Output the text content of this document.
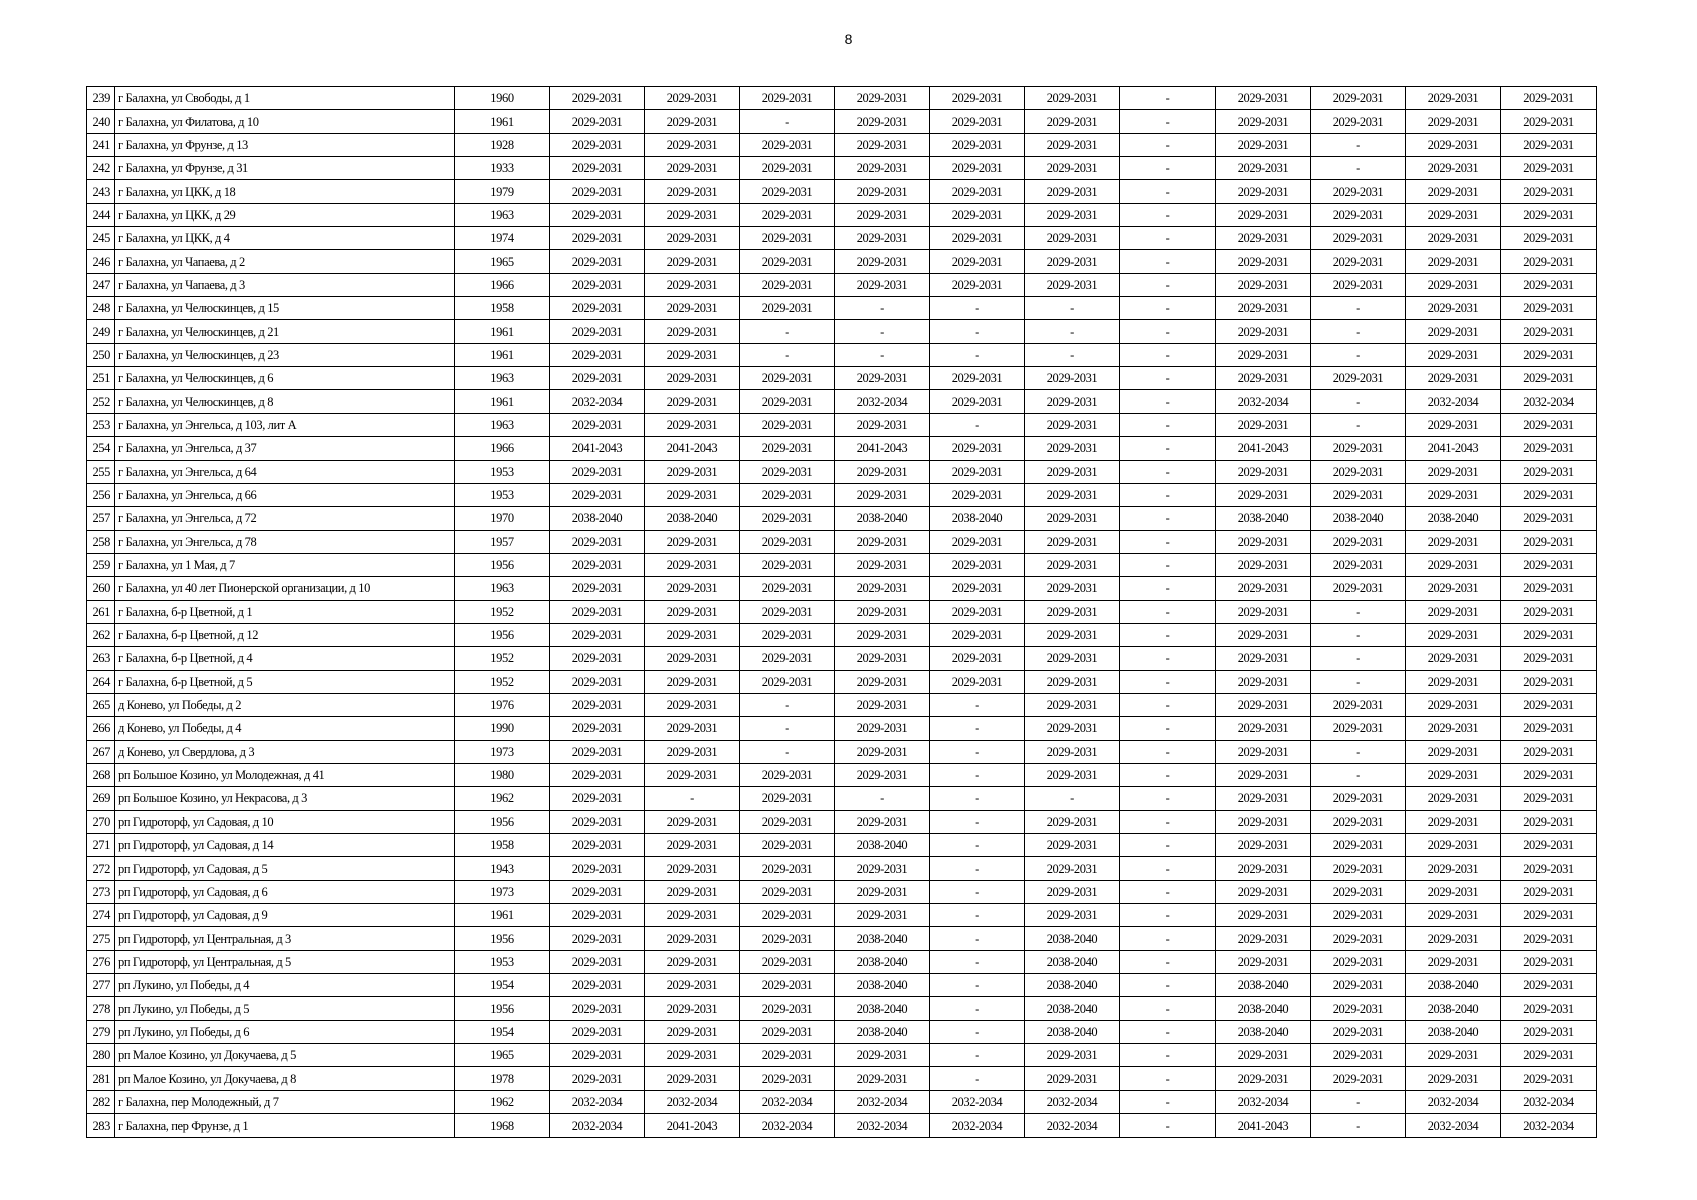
8
239	г Балахна, ул Свободы, д 1	1960	2029-2031	2029-2031	2029-2031	2029-2031	2029-2031	2029-2031	-	2029-2031	2029-2031	2029-2031	2029-2031
240	г Балахна, ул Филатова, д 10	1961	2029-2031	2029-2031	-	2029-2031	2029-2031	2029-2031	-	2029-2031	2029-2031	2029-2031	2029-2031
241	г Балахна, ул Фрунзе, д 13	1928	2029-2031	2029-2031	2029-2031	2029-2031	2029-2031	2029-2031	-	2029-2031	-	2029-2031	2029-2031
242	г Балахна, ул Фрунзе, д 31	1933	2029-2031	2029-2031	2029-2031	2029-2031	2029-2031	2029-2031	-	2029-2031	-	2029-2031	2029-2031
243	г Балахна, ул ЦКК, д 18	1979	2029-2031	2029-2031	2029-2031	2029-2031	2029-2031	2029-2031	-	2029-2031	2029-2031	2029-2031	2029-2031
244	г Балахна, ул ЦКК, д 29	1963	2029-2031	2029-2031	2029-2031	2029-2031	2029-2031	2029-2031	-	2029-2031	2029-2031	2029-2031	2029-2031
245	г Балахна, ул ЦКК, д 4	1974	2029-2031	2029-2031	2029-2031	2029-2031	2029-2031	2029-2031	-	2029-2031	2029-2031	2029-2031	2029-2031
246	г Балахна, ул Чапаева, д 2	1965	2029-2031	2029-2031	2029-2031	2029-2031	2029-2031	2029-2031	-	2029-2031	2029-2031	2029-2031	2029-2031
247	г Балахна, ул Чапаева, д 3	1966	2029-2031	2029-2031	2029-2031	2029-2031	2029-2031	2029-2031	-	2029-2031	2029-2031	2029-2031	2029-2031
248	г Балахна, ул Челюскинцев, д 15	1958	2029-2031	2029-2031	2029-2031	-	-	-	-	2029-2031	-	2029-2031	2029-2031
249	г Балахна, ул Челюскинцев, д 21	1961	2029-2031	2029-2031	-	-	-	-	-	2029-2031	-	2029-2031	2029-2031
250	г Балахна, ул Челюскинцев, д 23	1961	2029-2031	2029-2031	-	-	-	-	-	2029-2031	-	2029-2031	2029-2031
251	г Балахна, ул Челюскинцев, д 6	1963	2029-2031	2029-2031	2029-2031	2029-2031	2029-2031	2029-2031	-	2029-2031	2029-2031	2029-2031	2029-2031
252	г Балахна, ул Челюскинцев, д 8	1961	2032-2034	2029-2031	2029-2031	2032-2034	2029-2031	2029-2031	-	2032-2034	-	2032-2034	2032-2034
253	г Балахна, ул Энгельса, д 103, лит А	1963	2029-2031	2029-2031	2029-2031	2029-2031	-	2029-2031	-	2029-2031	-	2029-2031	2029-2031
254	г Балахна, ул Энгельса, д 37	1966	2041-2043	2041-2043	2029-2031	2041-2043	2029-2031	2029-2031	-	2041-2043	2029-2031	2041-2043	2029-2031
255	г Балахна, ул Энгельса, д 64	1953	2029-2031	2029-2031	2029-2031	2029-2031	2029-2031	2029-2031	-	2029-2031	2029-2031	2029-2031	2029-2031
256	г Балахна, ул Энгельса, д 66	1953	2029-2031	2029-2031	2029-2031	2029-2031	2029-2031	2029-2031	-	2029-2031	2029-2031	2029-2031	2029-2031
257	г Балахна, ул Энгельса, д 72	1970	2038-2040	2038-2040	2029-2031	2038-2040	2038-2040	2029-2031	-	2038-2040	2038-2040	2038-2040	2029-2031
258	г Балахна, ул Энгельса, д 78	1957	2029-2031	2029-2031	2029-2031	2029-2031	2029-2031	2029-2031	-	2029-2031	2029-2031	2029-2031	2029-2031
259	г Балахна, ул 1 Мая, д 7	1956	2029-2031	2029-2031	2029-2031	2029-2031	2029-2031	2029-2031	-	2029-2031	2029-2031	2029-2031	2029-2031
260	г Балахна, ул 40 лет Пионерской организации, д 10	1963	2029-2031	2029-2031	2029-2031	2029-2031	2029-2031	2029-2031	-	2029-2031	2029-2031	2029-2031	2029-2031
261	г Балахна, б-р Цветной, д 1	1952	2029-2031	2029-2031	2029-2031	2029-2031	2029-2031	2029-2031	-	2029-2031	-	2029-2031	2029-2031
262	г Балахна, б-р Цветной, д 12	1956	2029-2031	2029-2031	2029-2031	2029-2031	2029-2031	2029-2031	-	2029-2031	-	2029-2031	2029-2031
263	г Балахна, б-р Цветной, д 4	1952	2029-2031	2029-2031	2029-2031	2029-2031	2029-2031	2029-2031	-	2029-2031	-	2029-2031	2029-2031
264	г Балахна, б-р Цветной, д 5	1952	2029-2031	2029-2031	2029-2031	2029-2031	2029-2031	2029-2031	-	2029-2031	-	2029-2031	2029-2031
265	д Конево, ул Победы, д 2	1976	2029-2031	2029-2031	-	2029-2031	-	2029-2031	-	2029-2031	2029-2031	2029-2031	2029-2031
266	д Конево, ул Победы, д 4	1990	2029-2031	2029-2031	-	2029-2031	-	2029-2031	-	2029-2031	2029-2031	2029-2031	2029-2031
267	д Конево, ул Свердлова, д 3	1973	2029-2031	2029-2031	-	2029-2031	-	2029-2031	-	2029-2031	-	2029-2031	2029-2031
268	рп Большое Козино, ул Молодежная, д 41	1980	2029-2031	2029-2031	2029-2031	2029-2031	-	2029-2031	-	2029-2031	-	2029-2031	2029-2031
269	рп Большое Козино, ул Некрасова, д 3	1962	2029-2031	-	2029-2031	-	-	-	-	2029-2031	2029-2031	2029-2031	2029-2031
270	рп Гидроторф, ул Садовая, д 10	1956	2029-2031	2029-2031	2029-2031	2029-2031	-	2029-2031	-	2029-2031	2029-2031	2029-2031	2029-2031
271	рп Гидроторф, ул Садовая, д 14	1958	2029-2031	2029-2031	2029-2031	2038-2040	-	2029-2031	-	2029-2031	2029-2031	2029-2031	2029-2031
272	рп Гидроторф, ул Садовая, д 5	1943	2029-2031	2029-2031	2029-2031	2029-2031	-	2029-2031	-	2029-2031	2029-2031	2029-2031	2029-2031
273	рп Гидроторф, ул Садовая, д 6	1973	2029-2031	2029-2031	2029-2031	2029-2031	-	2029-2031	-	2029-2031	2029-2031	2029-2031	2029-2031
274	рп Гидроторф, ул Садовая, д 9	1961	2029-2031	2029-2031	2029-2031	2029-2031	-	2029-2031	-	2029-2031	2029-2031	2029-2031	2029-2031
275	рп Гидроторф, ул Центральная, д 3	1956	2029-2031	2029-2031	2029-2031	2038-2040	-	2038-2040	-	2029-2031	2029-2031	2029-2031	2029-2031
276	рп Гидроторф, ул Центральная, д 5	1953	2029-2031	2029-2031	2029-2031	2038-2040	-	2038-2040	-	2029-2031	2029-2031	2029-2031	2029-2031
277	рп Лукино, ул Победы, д 4	1954	2029-2031	2029-2031	2029-2031	2038-2040	-	2038-2040	-	2038-2040	2029-2031	2038-2040	2029-2031
278	рп Лукино, ул Победы, д 5	1956	2029-2031	2029-2031	2029-2031	2038-2040	-	2038-2040	-	2038-2040	2029-2031	2038-2040	2029-2031
279	рп Лукино, ул Победы, д 6	1954	2029-2031	2029-2031	2029-2031	2038-2040	-	2038-2040	-	2038-2040	2029-2031	2038-2040	2029-2031
280	рп Малое Козино, ул Докучаева, д 5	1965	2029-2031	2029-2031	2029-2031	2029-2031	-	2029-2031	-	2029-2031	2029-2031	2029-2031	2029-2031
281	рп Малое Козино, ул Докучаева, д 8	1978	2029-2031	2029-2031	2029-2031	2029-2031	-	2029-2031	-	2029-2031	2029-2031	2029-2031	2029-2031
282	г Балахна, пер Молодежный, д 7	1962	2032-2034	2032-2034	2032-2034	2032-2034	2032-2034	2032-2034	-	2032-2034	-	2032-2034	2032-2034
283	г Балахна, пер Фрунзе, д 1	1968	2032-2034	2041-2043	2032-2034	2032-2034	2032-2034	2032-2034	-	2041-2043	-	2032-2034	2032-2034
